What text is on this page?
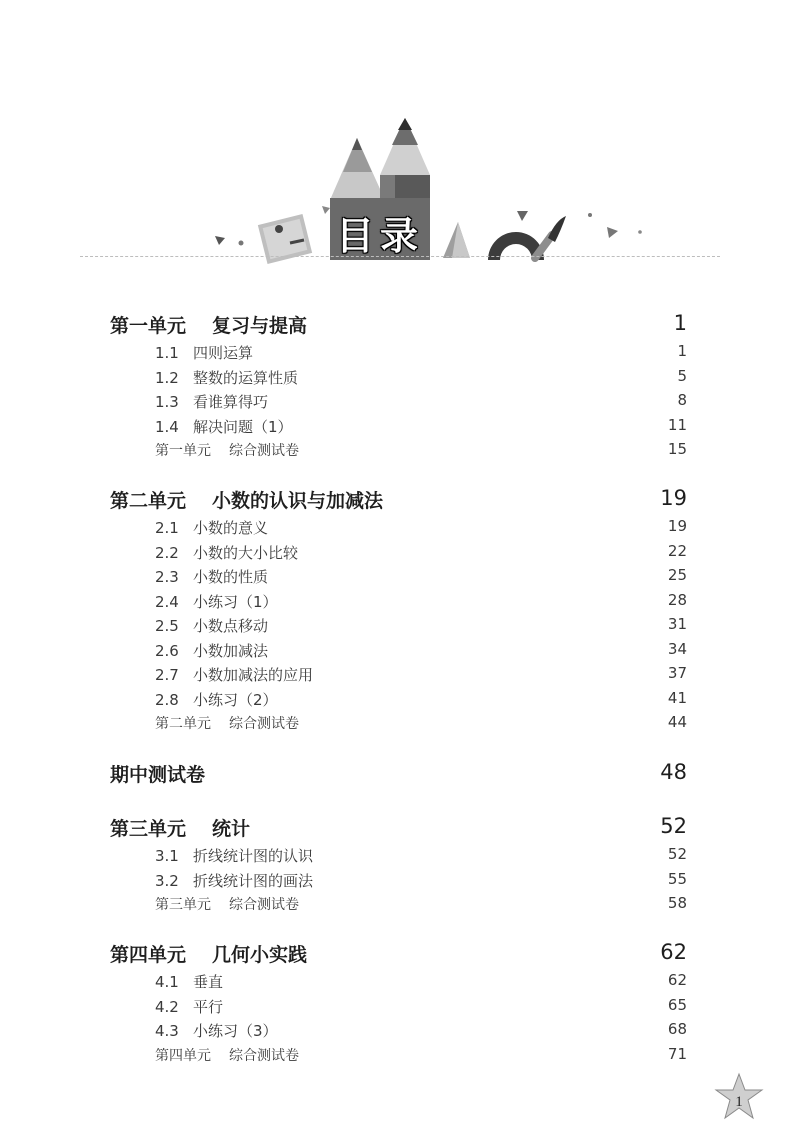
目录
第一单元 复习与提高	1
1.1 四则运算	1
1.2 整数的运算性质	5
1.3 看谁算得巧	8
1.4 解决问题（1）	11
第一单元 综合测试卷	15
第二单元 小数的认识与加减法	19
2.1 小数的意义	19
2.2 小数的大小比较	22
2.3 小数的性质	25
2.4 小练习（1）	28
2.5 小数点移动	31
2.6 小数加减法	34
2.7 小数加减法的应用	37
2.8 小练习（2）	41
第二单元 综合测试卷	44
期中测试卷	48
第三单元 统计	52
3.1 折线统计图的认识	52
3.2 折线统计图的画法	55
第三单元 综合测试卷	58
第四单元 几何小实践	62
4.1 垂直	62
4.2 平行	65
4.3 小练习（3）	68
第四单元 综合测试卷	71
1
